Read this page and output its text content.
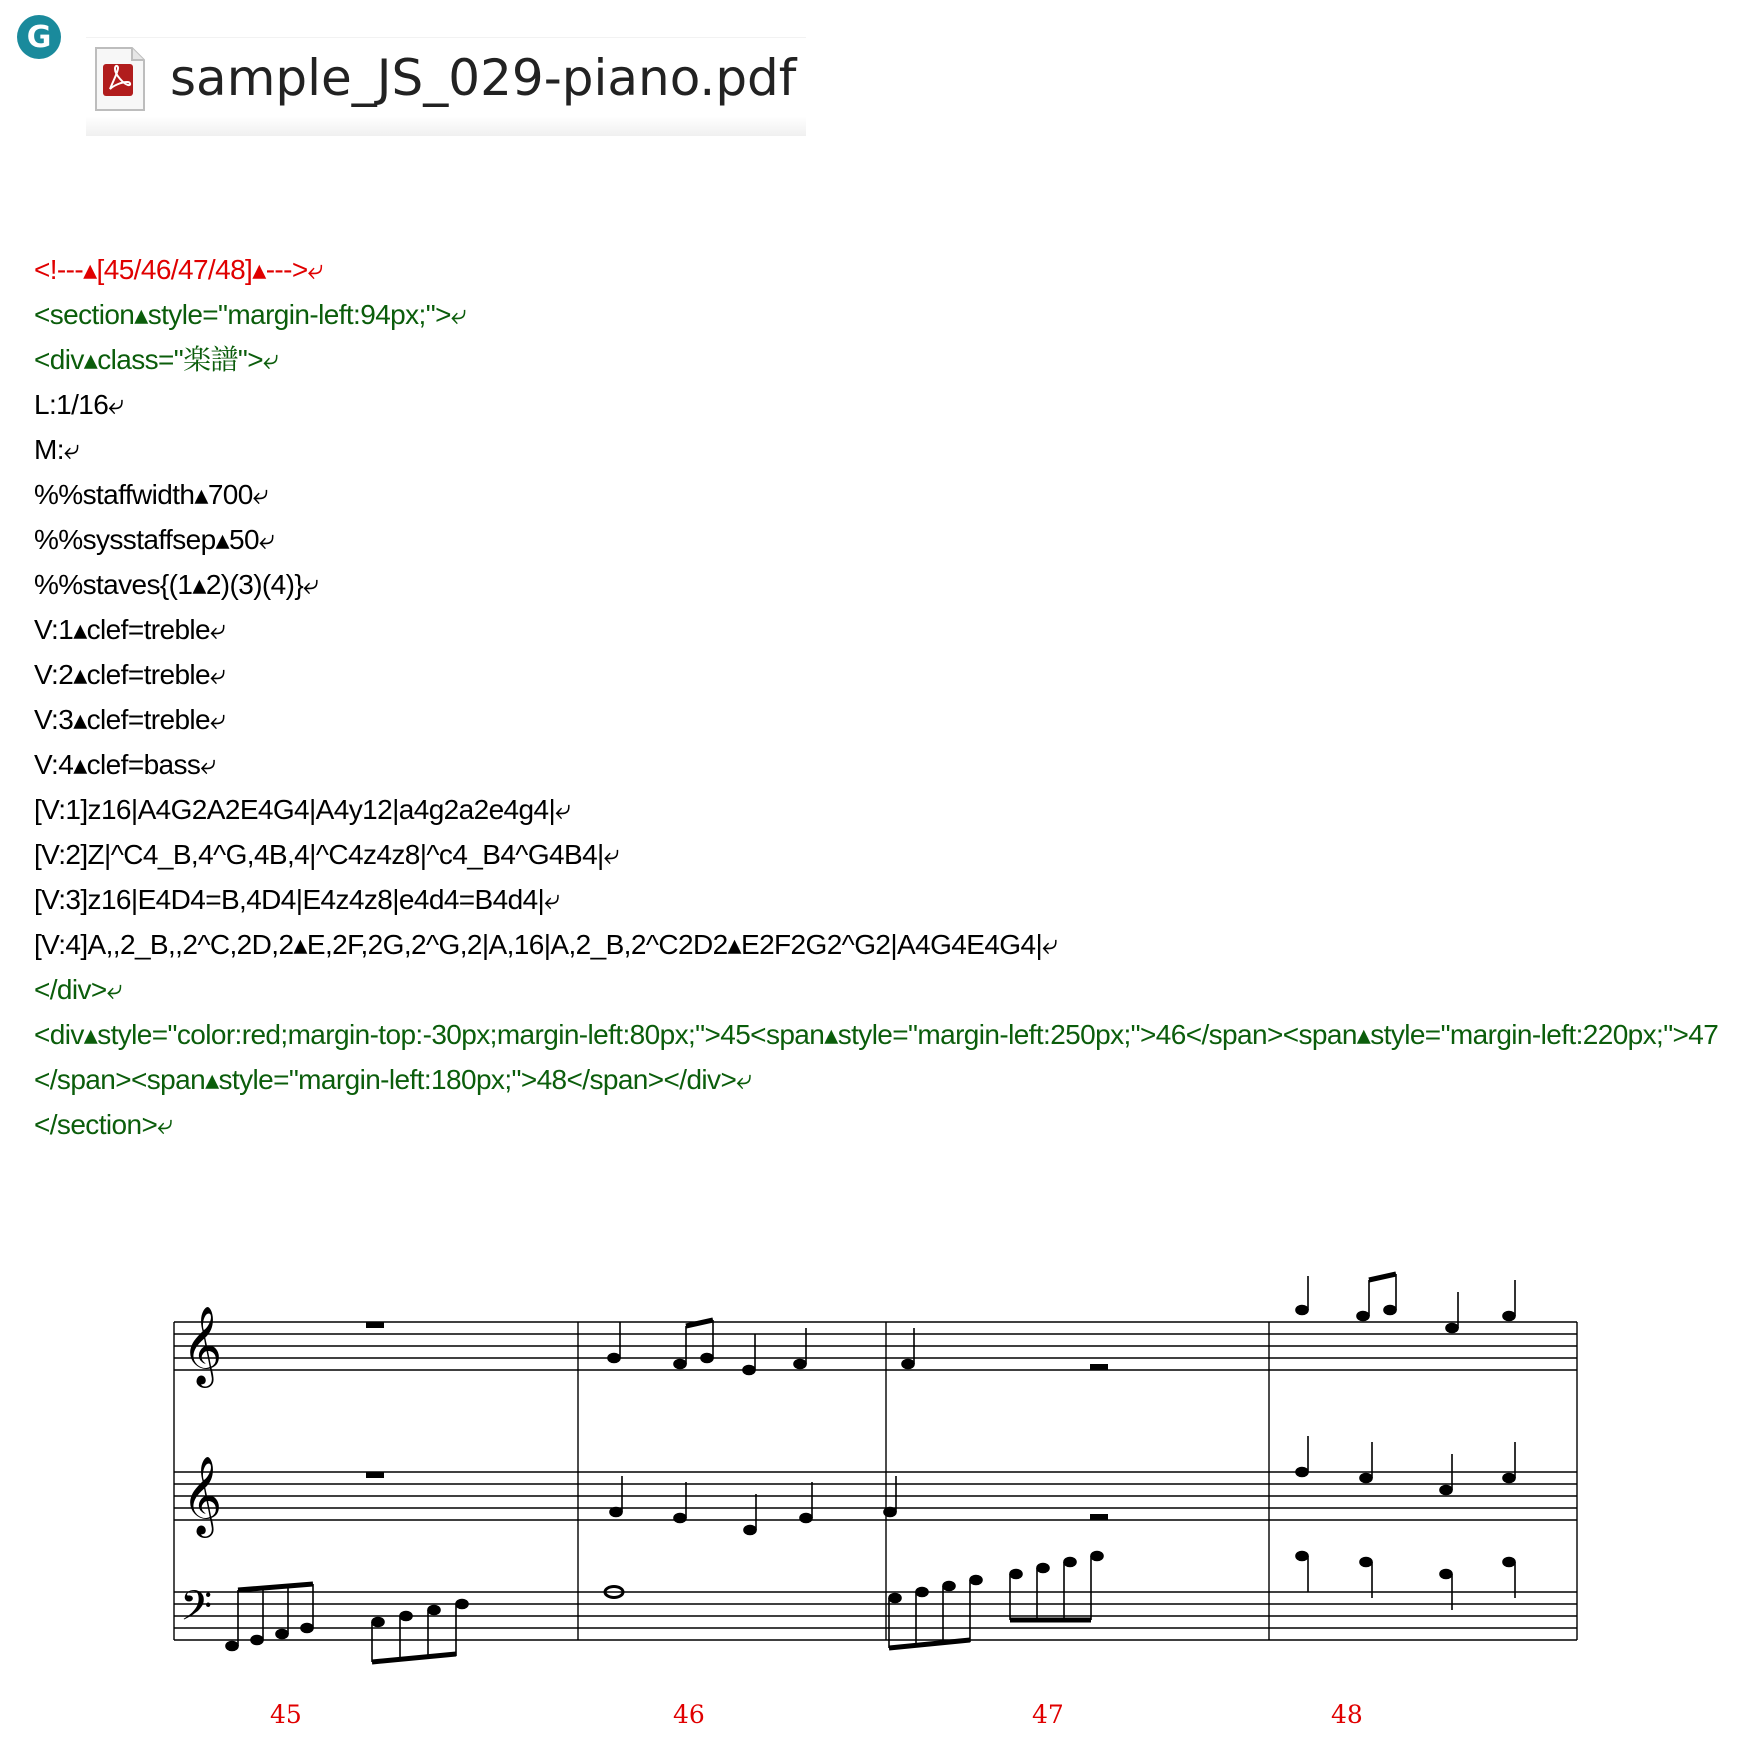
G
sample_JS_029-piano.pdf
<!---▴[45/46/47/48]▴--->⤶
<section▴style="margin-left:94px;">⤶
<div▴class="楽譜">⤶
L:1/16⤶
M:⤶
%%staffwidth▴700⤶
%%sysstaffsep▴50⤶
%%staves{(1▴2)(3)(4)}⤶
V:1▴clef=treble⤶
V:2▴clef=treble⤶
V:3▴clef=treble⤶
V:4▴clef=bass⤶
[V:1]z16|A4G2A2E4G4|A4y12|a4g2a2e4g4|⤶
[V:2]Z|^C4_B,4^G,4B,4|^C4z4z8|^c4_B4^G4B4|⤶
[V:3]z16|E4D4=B,4D4|E4z4z8|e4d4=B4d4|⤶
[V:4]A,,2_B,,2^C,2D,2▴E,2F,2G,2^G,2|A,16|A,2_B,2^C2D2▴E2F2G2^G2|A4G4E4G4|⤶
</div>⤶
<div▴style="color:red;margin-top:-30px;margin-left:80px;">45<span▴style="margin-left:250px;">46</span><span▴style="margin-left:220px;">47</span><span▴style="margin-left:180px;">48</span></div>⤶
</section>⤶
𝄞
𝄞
𝄢
45	46	47	48
